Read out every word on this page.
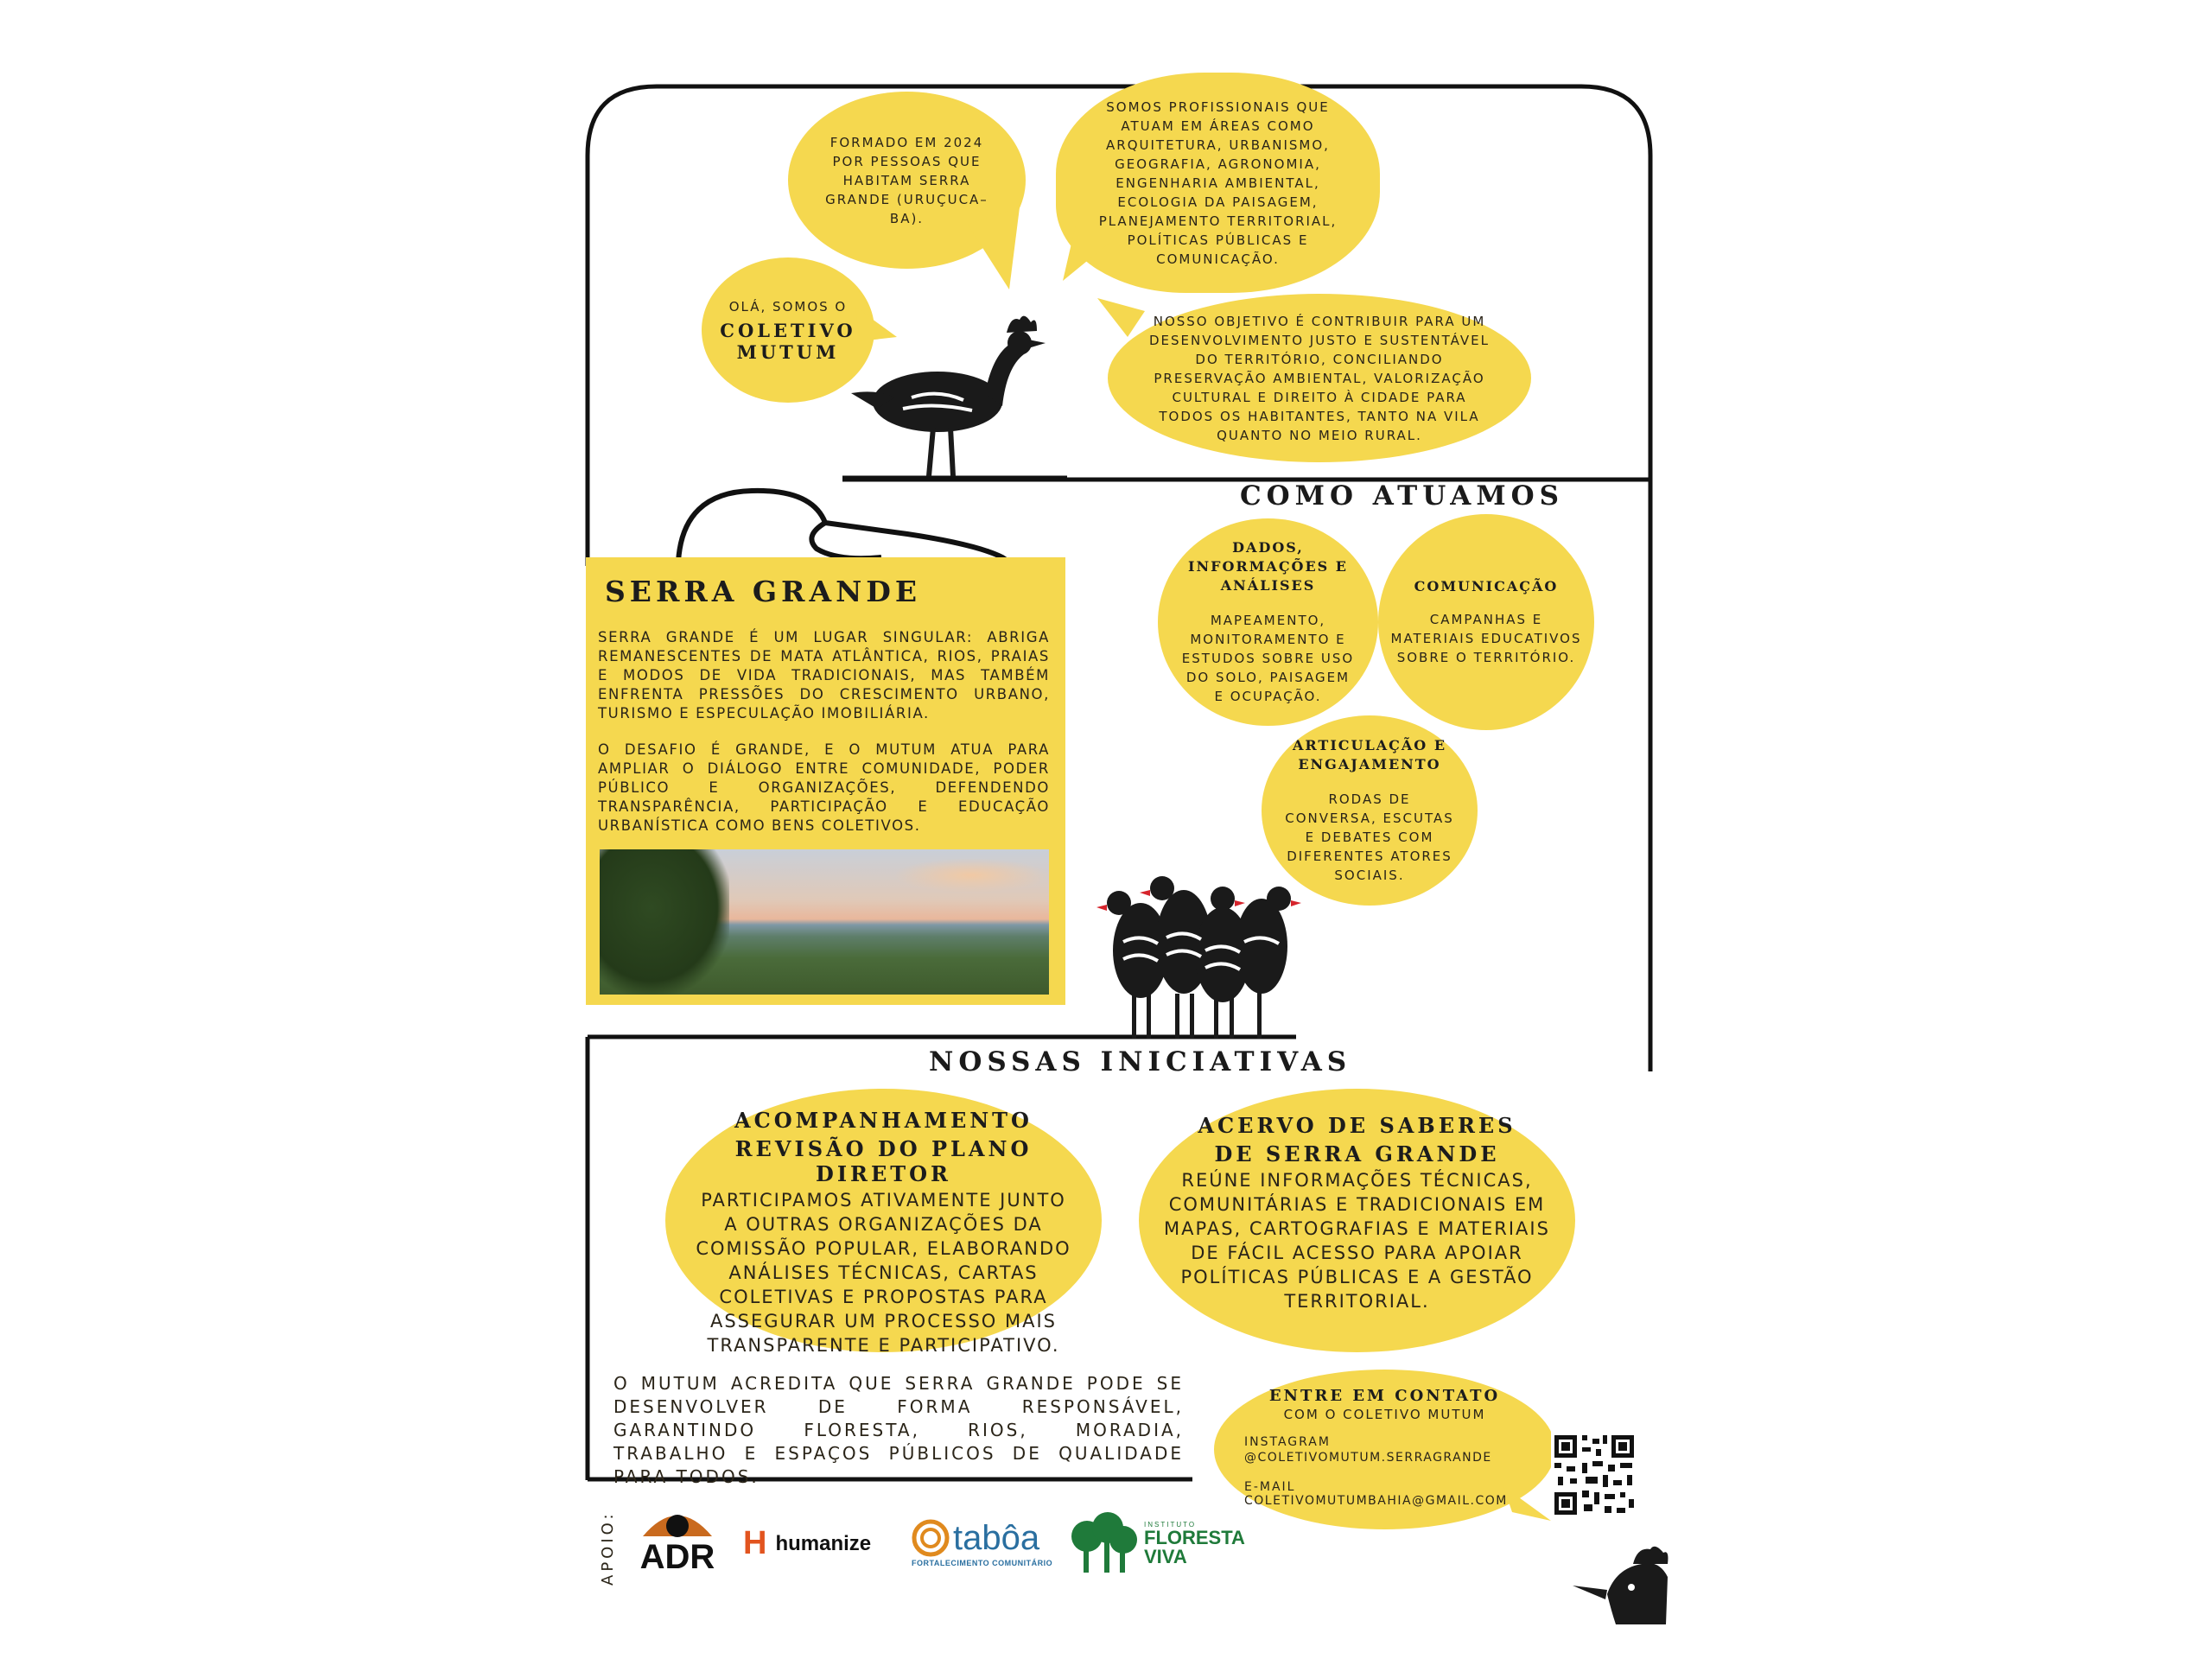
OLÁ, SOMOS O
COLETIVO
MUTUM
FORMADO EM 2024 POR PESSOAS QUE HABITAM SERRA GRANDE (URUÇUCA–BA).
SOMOS PROFISSIONAIS QUE ATUAM EM ÁREAS COMO ARQUITETURA, URBANISMO, GEOGRAFIA, AGRONOMIA, ENGENHARIA AMBIENTAL, ECOLOGIA DA PAISAGEM, PLANEJAMENTO TERRITORIAL, POLÍTICAS PÚBLICAS E COMUNICAÇÃO.
NOSSO OBJETIVO É CONTRIBUIR PARA UM DESENVOLVIMENTO JUSTO E SUSTENTÁVEL DO TERRITÓRIO, CONCILIANDO PRESERVAÇÃO AMBIENTAL, VALORIZAÇÃO CULTURAL E DIREITO À CIDADE PARA TODOS OS HABITANTES, TANTO NA VILA QUANTO NO MEIO RURAL.
SERRA GRANDE
SERRA GRANDE É UM LUGAR SINGULAR: ABRIGA REMANESCENTES DE MATA ATLÂNTICA, RIOS, PRAIAS E MODOS DE VIDA TRADICIONAIS, MAS TAMBÉM ENFRENTA PRESSÕES DO CRESCIMENTO URBANO, TURISMO E ESPECULAÇÃO IMOBILIÁRIA.
O DESAFIO É GRANDE, E O MUTUM ATUA PARA AMPLIAR O DIÁLOGO ENTRE COMUNIDADE, PODER PÚBLICO E ORGANIZAÇÕES, DEFENDENDO TRANSPARÊNCIA, PARTICIPAÇÃO E EDUCAÇÃO URBANÍSTICA COMO BENS COLETIVOS.
COMO ATUAMOS
DADOS, INFORMAÇÕES E ANÁLISES
MAPEAMENTO, MONITORAMENTO E ESTUDOS SOBRE USO DO SOLO, PAISAGEM E OCUPAÇÃO.
COMUNICAÇÃO
CAMPANHAS E MATERIAIS EDUCATIVOS SOBRE O TERRITÓRIO.
ARTICULAÇÃO E ENGAJAMENTO
RODAS DE CONVERSA, ESCUTAS E DEBATES COM DIFERENTES ATORES SOCIAIS.
NOSSAS INICIATIVAS
ACOMPANHAMENTO
REVISÃO DO PLANO DIRETOR
PARTICIPAMOS ATIVAMENTE JUNTO A OUTRAS ORGANIZAÇÕES DA COMISSÃO POPULAR, ELABORANDO ANÁLISES TÉCNICAS, CARTAS COLETIVAS E PROPOSTAS PARA ASSEGURAR UM PROCESSO MAIS TRANSPARENTE E PARTICIPATIVO.
ACERVO DE SABERES
DE SERRA GRANDE
REÚNE INFORMAÇÕES TÉCNICAS, COMUNITÁRIAS E TRADICIONAIS EM MAPAS, CARTOGRAFIAS E MATERIAIS DE FÁCIL ACESSO PARA APOIAR POLÍTICAS PÚBLICAS E A GESTÃO TERRITORIAL.
O MUTUM ACREDITA QUE SERRA GRANDE PODE SE DESENVOLVER DE FORMA RESPONSÁVEL, GARANTINDO FLORESTA, RIOS, MORADIA, TRABALHO E ESPAÇOS PÚBLICOS DE QUALIDADE PARA TODOS.
ENTRE EM CONTATO
COM O COLETIVO MUTUM
INSTAGRAM
@COLETIVOMUTUM.SERRAGRANDE
E-MAIL
COLETIVOMUTUMBAHIA@GMAIL.COM
APOIO: ADR H humanize tabôa
FORTALECIMENTO COMUNITÁRIO
INSTITUTO
FLORESTA
VIVA
